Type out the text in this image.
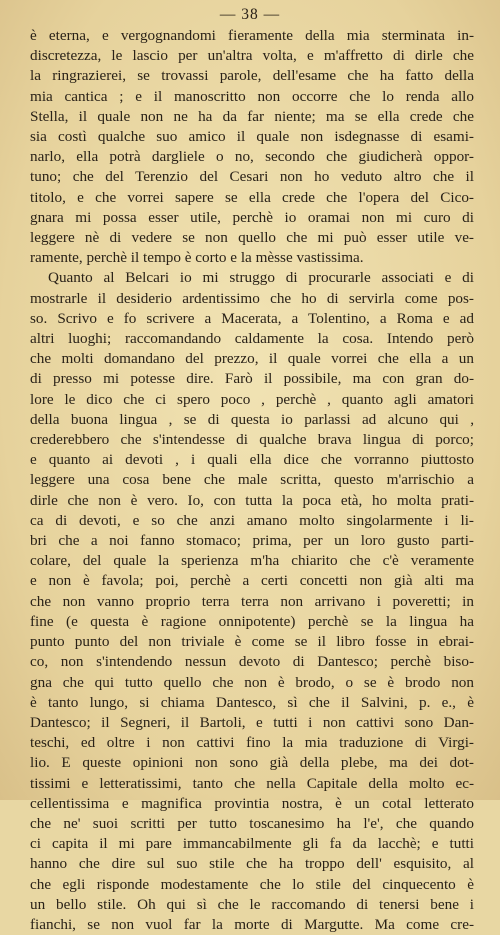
— 38 —
è eterna, e vergognandomi fieramente della mia sterminata in-
discretezza, le lascio per un'altra volta, e m'affretto di dirle che
la ringrazierei, se trovassi parole, dell'esame che ha fatto della
mia cantica ; e il manoscritto non occorre che lo renda allo
Stella, il quale non ne ha da far niente; ma se ella crede che
sia costì qualche suo amico il quale non isdegnasse di esami-
narlo, ella potrà dargliele o no, secondo che giudicherà oppor-
tuno; che del Terenzio del Cesari non ho veduto altro che il
titolo, e che vorrei sapere se ella crede che l'opera del Cico-
gnara mi possa esser utile, perchè io oramai non mi curo di
leggere nè di vedere se non quello che mi può esser utile ve-
ramente, perchè il tempo è corto e la mèsse vastissima.
Quanto al Belcari io mi struggo di procurarle associati e di
mostrarle il desiderio ardentissimo che ho di servirla come pos-
so. Scrivo e fo scrivere a Macerata, a Tolentino, a Roma e ad
altri luoghi; raccomandando caldamente la cosa. Intendo però
che molti domandano del prezzo, il quale vorrei che ella a un
di presso mi potesse dire. Farò il possibile, ma con gran do-
lore le dico che ci spero poco , perchè , quanto agli amatori
della buona lingua , se di questa io parlassi ad alcuno qui ,
crederebbero che s'intendesse di qualche brava lingua di porco;
e quanto ai devoti , i quali ella dice che vorranno piuttosto
leggere una cosa bene che male scritta, questo m'arrischio a
dirle che non è vero. Io, con tutta la poca età, ho molta prati-
ca di devoti, e so che anzi amano molto singolarmente i li-
bri che a noi fanno stomaco; prima, per un loro gusto parti-
colare, del quale la sperienza m'ha chiarito che c'è veramente
e non è favola; poi, perchè a certi concetti non già alti ma
che non vanno proprio terra terra non arrivano i poveretti; in
fine (e questa è ragione onnipotente) perchè se la lingua ha
punto punto del non triviale è come se il libro fosse in ebrai-
co, non s'intendendo nessun devoto di Dantesco; perchè biso-
gna che qui tutto quello che non è brodo, o se è brodo non
è tanto lungo, si chiama Dantesco, sì che il Salvini, p. e., è
Dantesco; il Segneri, il Bartoli, e tutti i non cattivi sono Dan-
teschi, ed oltre i non cattivi fino la mia traduzione di Virgi-
lio. E queste opinioni non sono già della plebe, ma dei dot-
tissimi e letteratissimi, tanto che nella Capitale della molto ec-
cellentissima e magnifica provintia nostra, è un cotal letterato
che ne' suoi scritti per tutto toscanesimo ha l'e', che quando
ci capita il mi pare immancabilmente gli fa da lacchè; e tutti
hanno che dire sul suo stile che ha troppo dell' esquisito, al
che egli risponde modestamente che lo stile del cinquecento è
un bello stile. Oh qui sì che le raccomando di tenersi bene i
fianchi, se non vuol far la morte di Margutte. Ma come cre-
